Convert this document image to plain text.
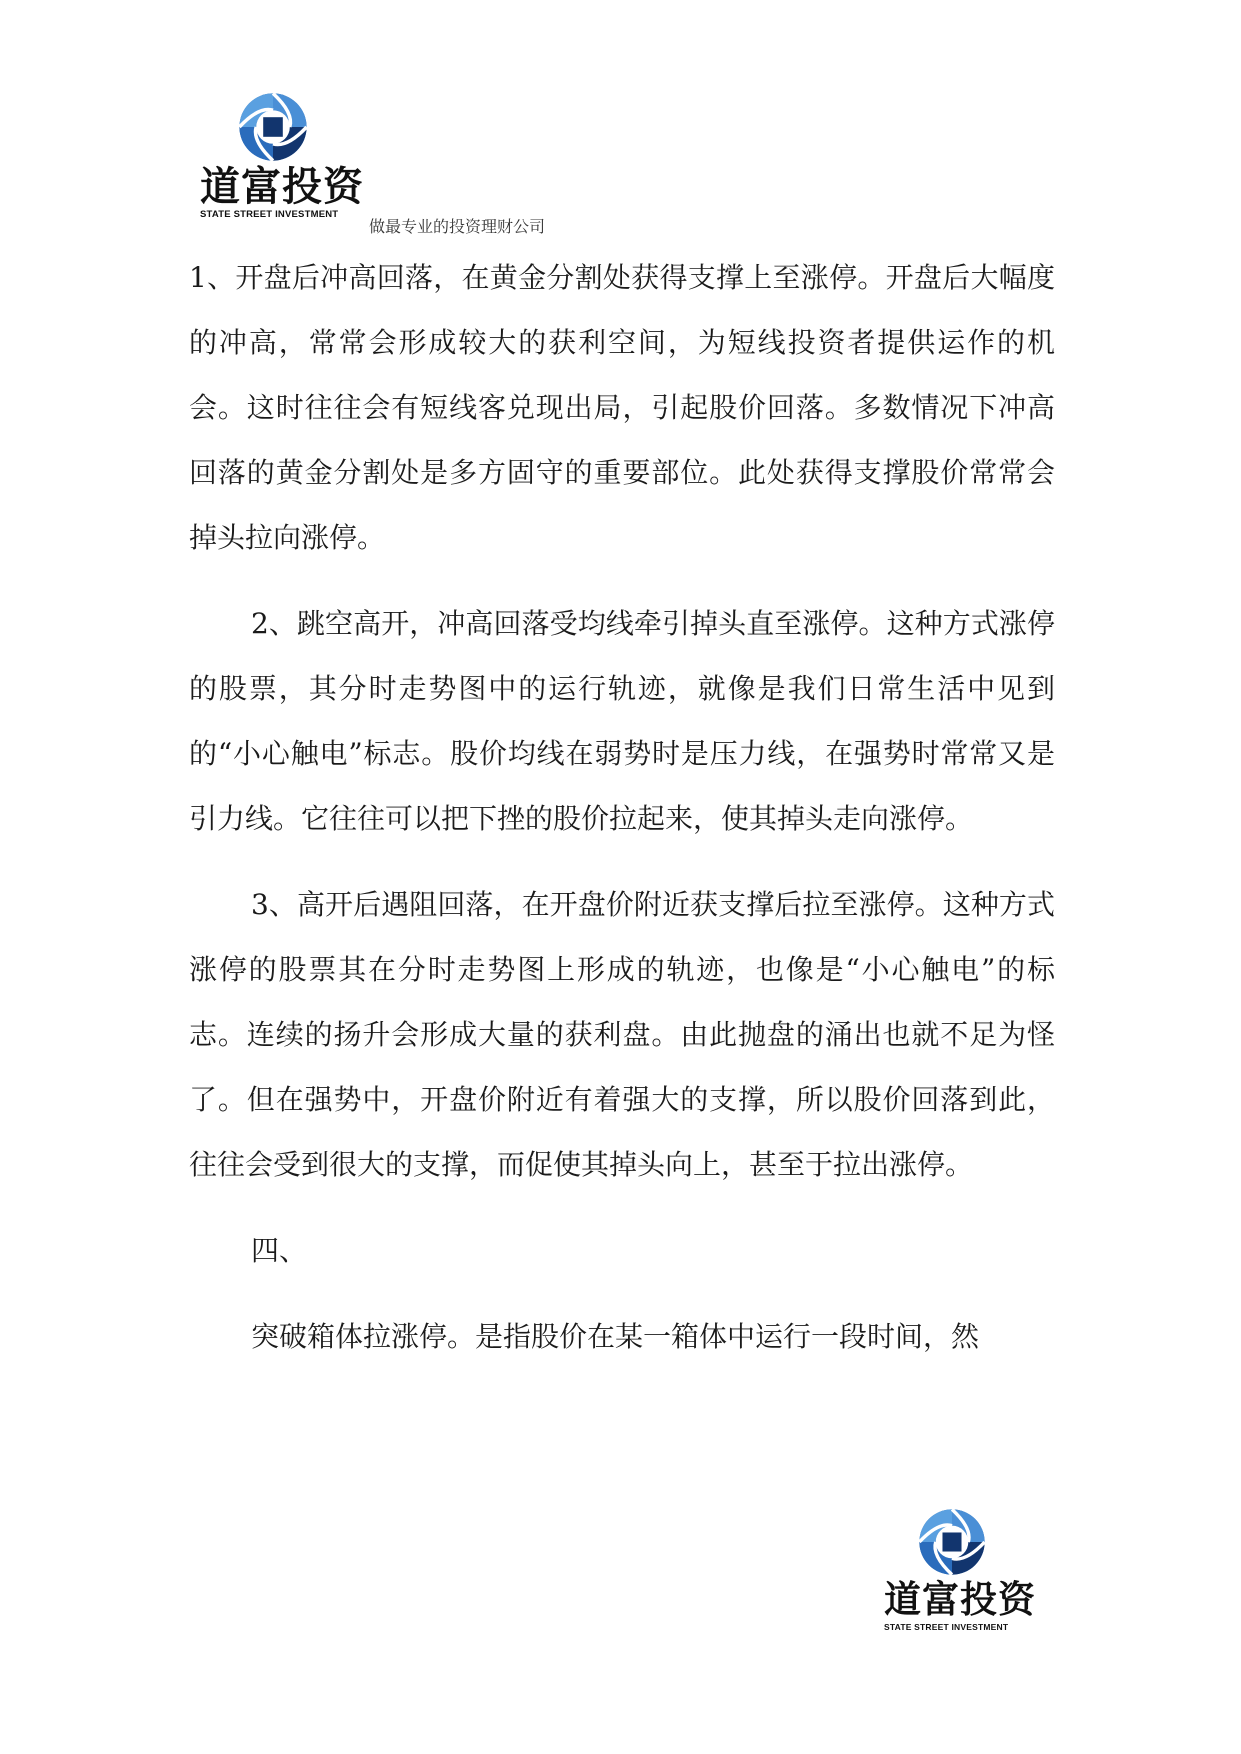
道富投资
STATE STREET INVESTMENT
做最专业的投资理财公司

1、开盘后冲高回落，在黄金分割处获得支撑上至涨停。开盘后大幅度的冲高，常常会形成较大的获利空间，为短线投资者提供运作的机会。这时往往会有短线客兑现出局，引起股价回落。多数情况下冲高回落的黄金分割处是多方固守的重要部位。此处获得支撑股价常常会掉头拉向涨停。

2、跳空高开，冲高回落受均线牵引掉头直至涨停。这种方式涨停的股票，其分时走势图中的运行轨迹，就像是我们日常生活中见到的“小心触电”标志。股价均线在弱势时是压力线，在强势时常常又是引力线。它往往可以把下挫的股价拉起来，使其掉头走向涨停。

3、高开后遇阻回落，在开盘价附近获支撑后拉至涨停。这种方式涨停的股票其在分时走势图上形成的轨迹，也像是“小心触电”的标志。连续的扬升会形成大量的获利盘。由此抛盘的涌出也就不足为怪了。但在强势中，开盘价附近有着强大的支撑，所以股价回落到此，往往会受到很大的支撑，而促使其掉头向上，甚至于拉出涨停。

四、

突破箱体拉涨停。是指股价在某一箱体中运行一段时间，然

道富投资
STATE STREET INVESTMENT
